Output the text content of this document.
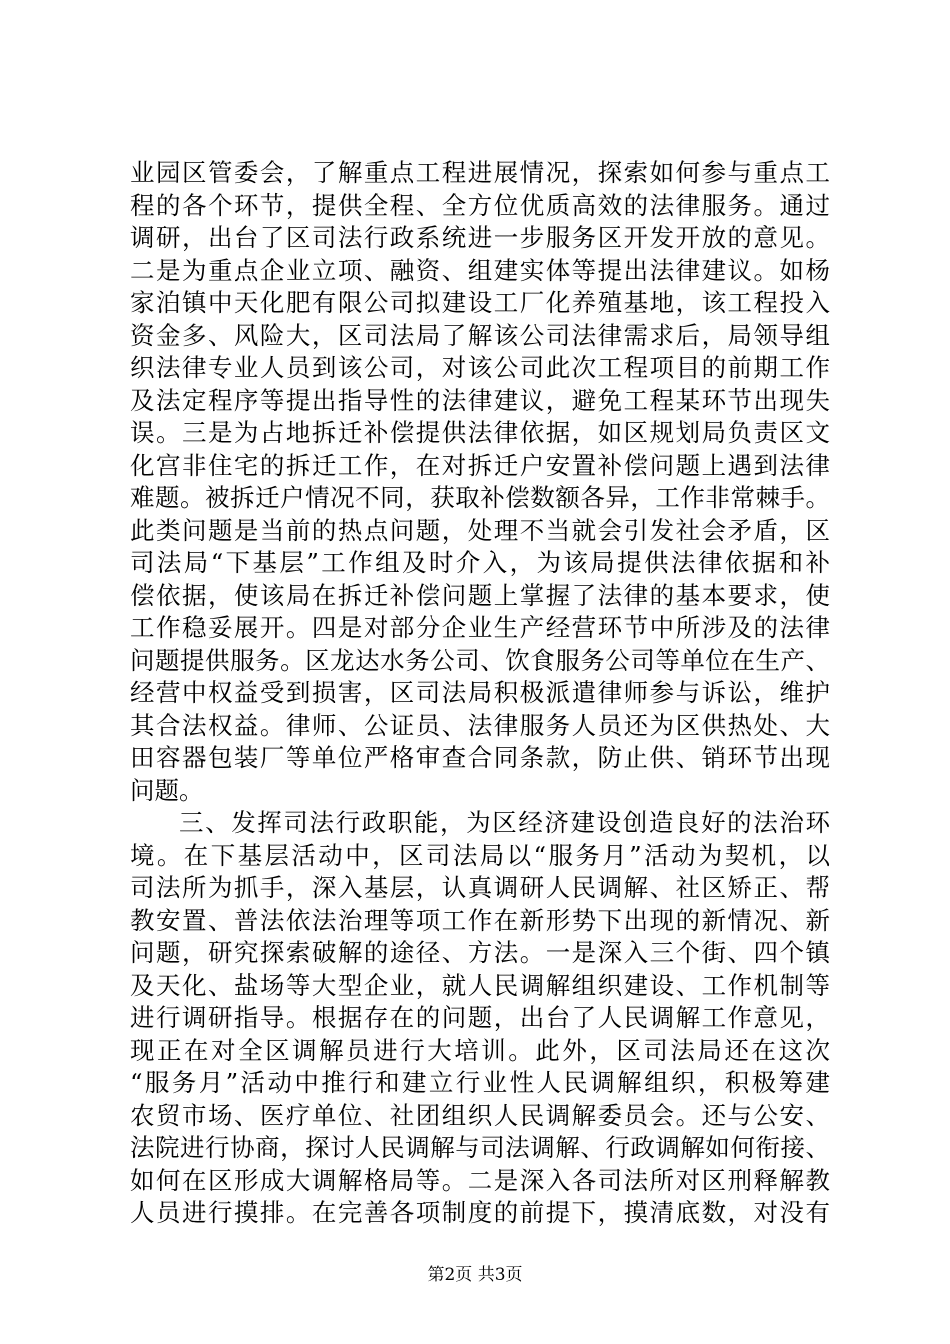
业园区管委会，了解重点工程进展情况，探索如何参与重点工
程的各个环节，提供全程、全方位优质高效的法律服务。通过
调研，出台了区司法行政系统进一步服务区开发开放的意见。
二是为重点企业立项、融资、组建实体等提出法律建议。如杨
家泊镇中天化肥有限公司拟建设工厂化养殖基地，该工程投入
资金多、风险大，区司法局了解该公司法律需求后，局领导组
织法律专业人员到该公司，对该公司此次工程项目的前期工作
及法定程序等提出指导性的法律建议，避免工程某环节出现失
误。三是为占地拆迁补偿提供法律依据，如区规划局负责区文
化宫非住宅的拆迁工作，在对拆迁户安置补偿问题上遇到法律
难题。被拆迁户情况不同，获取补偿数额各异，工作非常棘手。
此类问题是当前的热点问题，处理不当就会引发社会矛盾，区
司法局“下基层”工作组及时介入，为该局提供法律依据和补
偿依据，使该局在拆迁补偿问题上掌握了法律的基本要求，使
工作稳妥展开。四是对部分企业生产经营环节中所涉及的法律
问题提供服务。区龙达水务公司、饮食服务公司等单位在生产、
经营中权益受到损害，区司法局积极派遣律师参与诉讼，维护
其合法权益。律师、公证员、法律服务人员还为区供热处、大
田容器包装厂等单位严格审查合同条款，防止供、销环节出现
问题。
三、发挥司法行政职能，为区经济建设创造良好的法治环
境。在下基层活动中，区司法局以“服务月”活动为契机，以
司法所为抓手，深入基层，认真调研人民调解、社区矫正、帮
教安置、普法依法治理等项工作在新形势下出现的新情况、新
问题，研究探索破解的途径、方法。一是深入三个街、四个镇
及天化、盐场等大型企业，就人民调解组织建设、工作机制等
进行调研指导。根据存在的问题，出台了人民调解工作意见，
现正在对全区调解员进行大培训。此外，区司法局还在这次
“服务月”活动中推行和建立行业性人民调解组织，积极筹建
农贸市场、医疗单位、社团组织人民调解委员会。还与公安、
法院进行协商，探讨人民调解与司法调解、行政调解如何衔接、
如何在区形成大调解格局等。二是深入各司法所对区刑释解教
人员进行摸排。在完善各项制度的前提下，摸清底数，对没有
第2页 共3页
